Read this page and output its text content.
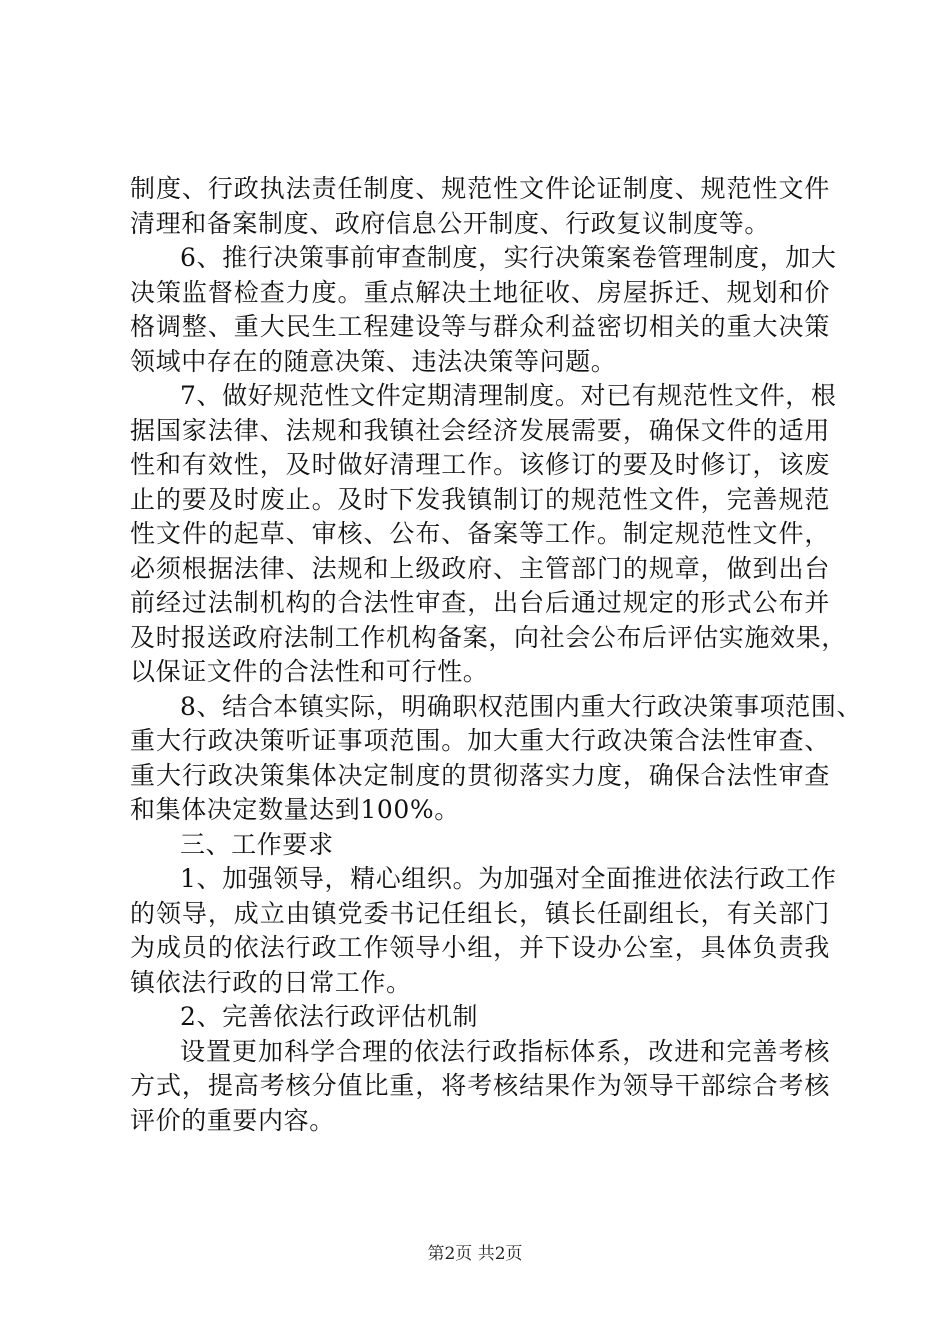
制度、行政执法责任制度、规范性文件论证制度、规范性文件
清理和备案制度、政府信息公开制度、行政复议制度等。
6、推行决策事前审查制度，实行决策案卷管理制度，加大
决策监督检查力度。重点解决土地征收、房屋拆迁、规划和价
格调整、重大民生工程建设等与群众利益密切相关的重大决策
领域中存在的随意决策、违法决策等问题。
7、做好规范性文件定期清理制度。对已有规范性文件，根
据国家法律、法规和我镇社会经济发展需要，确保文件的适用
性和有效性，及时做好清理工作。该修订的要及时修订，该废
止的要及时废止。及时下发我镇制订的规范性文件，完善规范
性文件的起草、审核、公布、备案等工作。制定规范性文件，
必须根据法律、法规和上级政府、主管部门的规章，做到出台
前经过法制机构的合法性审查，出台后通过规定的形式公布并
及时报送政府法制工作机构备案，向社会公布后评估实施效果，
以保证文件的合法性和可行性。
8、结合本镇实际，明确职权范围内重大行政决策事项范围、
重大行政决策听证事项范围。加大重大行政决策合法性审查、
重大行政决策集体决定制度的贯彻落实力度，确保合法性审查
和集体决定数量达到100%。
三、工作要求
1、加强领导，精心组织。为加强对全面推进依法行政工作
的领导，成立由镇党委书记任组长，镇长任副组长，有关部门
为成员的依法行政工作领导小组，并下设办公室，具体负责我
镇依法行政的日常工作。
2、完善依法行政评估机制
设置更加科学合理的依法行政指标体系，改进和完善考核
方式，提高考核分值比重，将考核结果作为领导干部综合考核
评价的重要内容。
第2页 共2页
